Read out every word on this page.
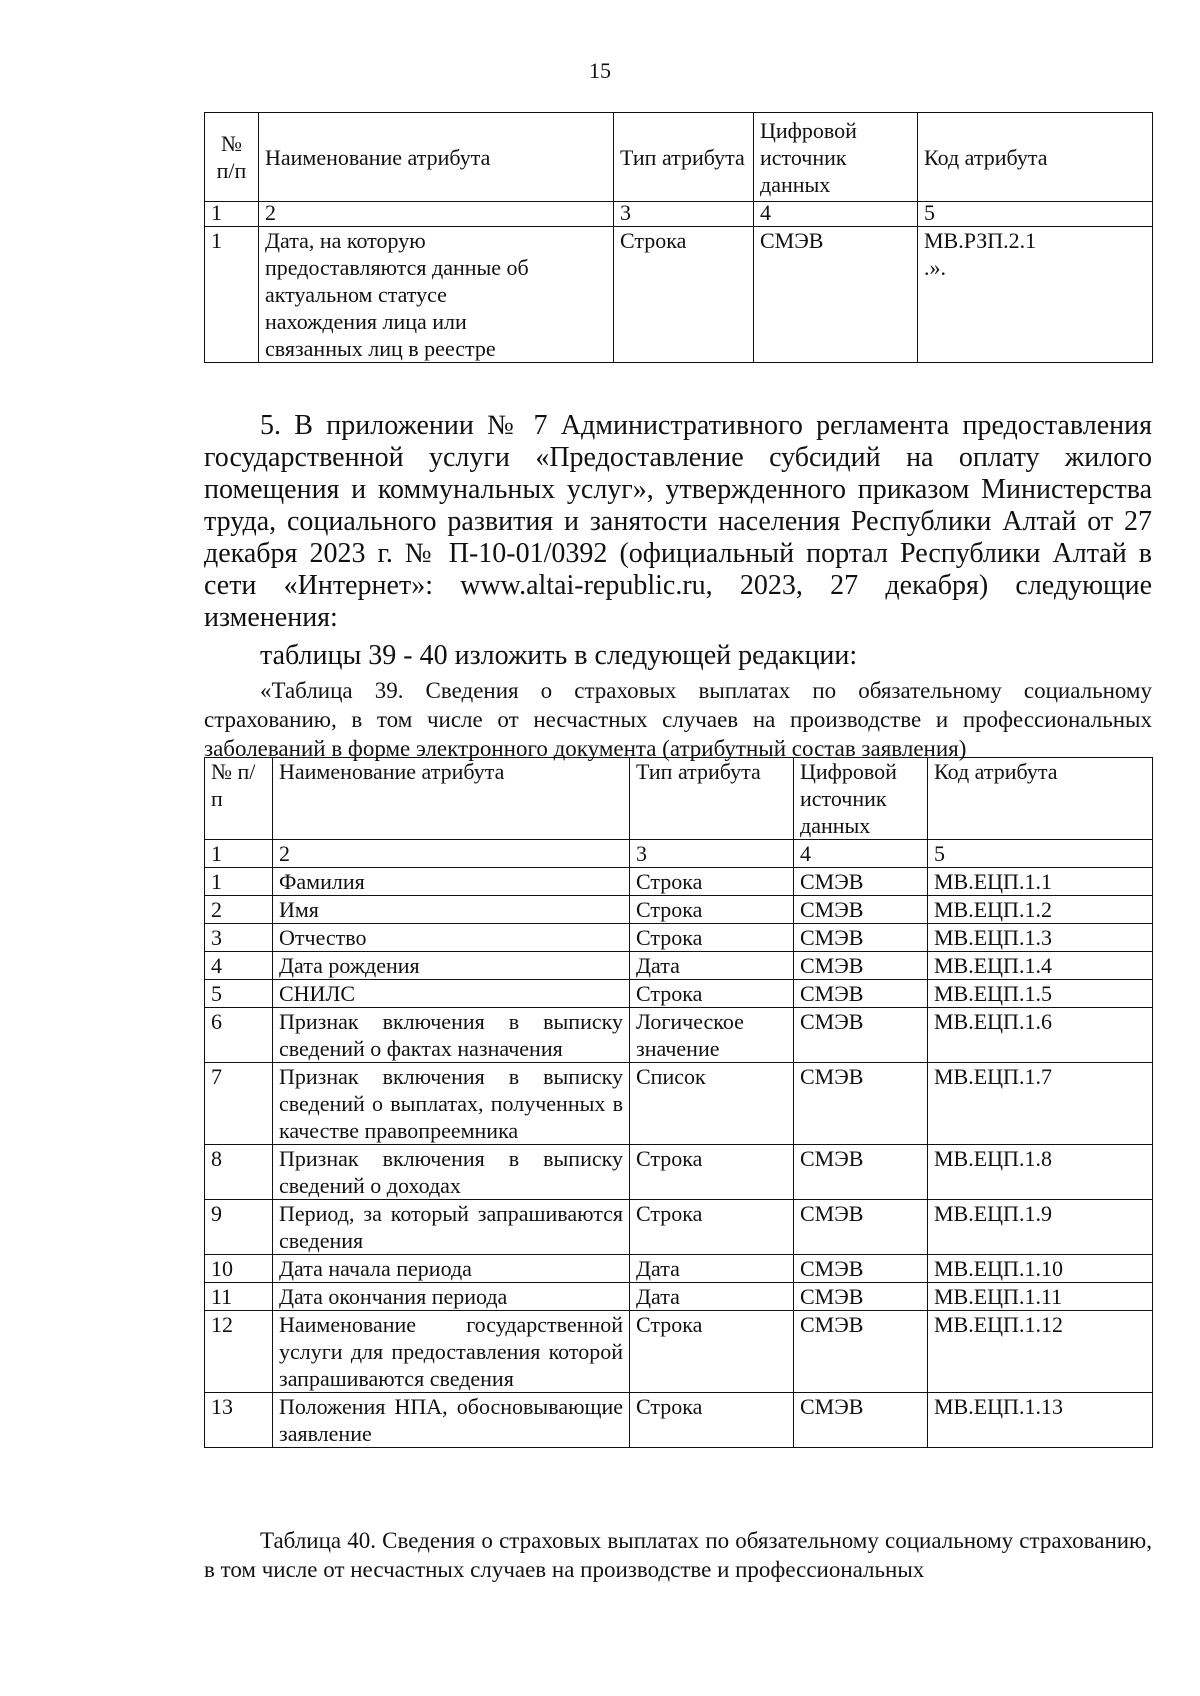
15
№ п/п	Наименование атрибута	Тип атрибута	Цифровой источник данных	Код атрибута
1	2	3	4	5
1	Дата, на которую предоставляются данные об актуальном статусе нахождения лица или связанных лиц в реестре	Строка	СМЭВ	МВ.РЗП.2.1 .».
5. В приложении № 7 Административного регламента предоставления государственной услуги «Предоставление субсидий на оплату жилого помещения и коммунальных услуг», утвержденного приказом Министерства труда, социального развития и занятости населения Республики Алтай от 27 декабря 2023 г. № П-10-01/0392 (официальный портал Республики Алтай в сети «Интернет»: www.altai-republic.ru, 2023, 27 декабря) следующие изменения:
таблицы 39 - 40 изложить в следующей редакции:
«Таблица 39. Сведения о страховых выплатах по обязательному социальному страхованию, в том числе от несчастных случаев на производстве и профессиональных заболеваний в форме электронного документа (атрибутный состав заявления)
№ п/п	Наименование атрибута	Тип атрибута	Цифровой источник данных	Код атрибута
1	2	3	4	5
1	Фамилия	Строка	СМЭВ	МВ.ЕЦП.1.1
2	Имя	Строка	СМЭВ	МВ.ЕЦП.1.2
3	Отчество	Строка	СМЭВ	МВ.ЕЦП.1.3
4	Дата рождения	Дата	СМЭВ	МВ.ЕЦП.1.4
5	СНИЛС	Строка	СМЭВ	МВ.ЕЦП.1.5
6	Признак включения в выписку сведений о фактах назначения	Логическое значение	СМЭВ	МВ.ЕЦП.1.6
7	Признак включения в выписку сведений о выплатах, полученных в качестве правопреемника	Список	СМЭВ	МВ.ЕЦП.1.7
8	Признак включения в выписку сведений о доходах	Строка	СМЭВ	МВ.ЕЦП.1.8
9	Период, за который запрашиваются сведения	Строка	СМЭВ	МВ.ЕЦП.1.9
10	Дата начала периода	Дата	СМЭВ	МВ.ЕЦП.1.10
11	Дата окончания периода	Дата	СМЭВ	МВ.ЕЦП.1.11
12	Наименование государственной услуги для предоставления которой запрашиваются сведения	Строка	СМЭВ	МВ.ЕЦП.1.12
13	Положения НПА, обосновывающие заявление	Строка	СМЭВ	МВ.ЕЦП.1.13
Таблица 40. Сведения о страховых выплатах по обязательному социальному страхованию, в том числе от несчастных случаев на производстве и профессиональных
